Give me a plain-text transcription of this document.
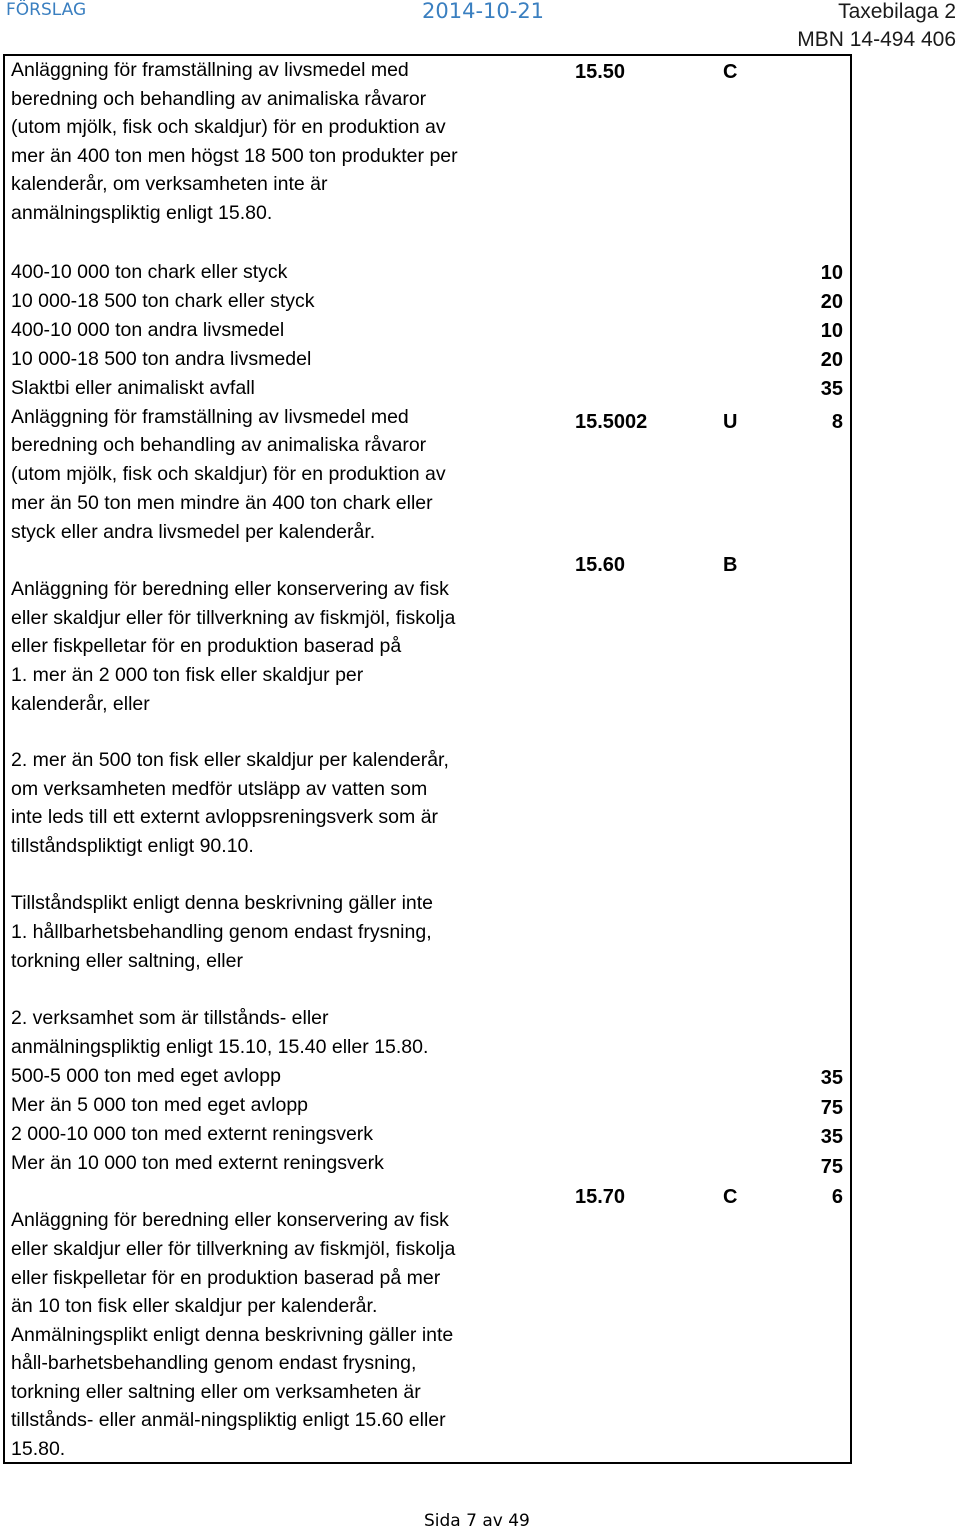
FÖRSLAG	2014-10-21	Taxebilaga 2
MBN 14-494 406
Anläggning för framställning av livsmedel med	15.50	C
beredning och behandling av animaliska råvaror
(utom mjölk, fisk och skaldjur) för en produktion av
mer än 400 ton men högst 18 500 ton produkter per
kalenderår, om verksamheten inte är
anmälningspliktig enligt 15.80.
400-10 000 ton chark eller styck	10
10 000-18 500 ton chark eller styck	20
400-10 000 ton andra livsmedel	10
10 000-18 500 ton andra livsmedel	20
Slaktbi eller animaliskt avfall	35
Anläggning för framställning av livsmedel med	15.5002	U	8
beredning och behandling av animaliska råvaror
(utom mjölk, fisk och skaldjur) för en produktion av
mer än 50 ton men mindre än 400 ton chark eller
styck eller andra livsmedel per kalenderår.
15.60	B
Anläggning för beredning eller konservering av fisk
eller skaldjur eller för tillverkning av fiskmjöl, fiskolja
eller fiskpelletar för en produktion baserad på
1. mer än 2 000 ton fisk eller skaldjur per
kalenderår, eller
2. mer än 500 ton fisk eller skaldjur per kalenderår,
om verksamheten medför utsläpp av vatten som
inte leds till ett externt avloppsreningsverk som är
tillståndspliktigt enligt 90.10.
Tillståndsplikt enligt denna beskrivning gäller inte
1. hållbarhetsbehandling genom endast frysning,
torkning eller saltning, eller
2. verksamhet som är tillstånds- eller
anmälningspliktig enligt 15.10, 15.40 eller 15.80.
500-5 000 ton med eget avlopp	35
Mer än 5 000 ton med eget avlopp	75
2 000-10 000 ton med externt reningsverk	35
Mer än 10 000 ton med externt reningsverk	75
15.70	C	6
Anläggning för beredning eller konservering av fisk
eller skaldjur eller för tillverkning av fiskmjöl, fiskolja
eller fiskpelletar för en produktion baserad på mer
än 10 ton fisk eller skaldjur per kalenderår.
Anmälningsplikt enligt denna beskrivning gäller inte
håll-barhetsbehandling genom endast frysning,
torkning eller saltning eller om verksamheten är
tillstånds- eller anmäl-ningspliktig enligt 15.60 eller
15.80.
Sida 7 av 49
